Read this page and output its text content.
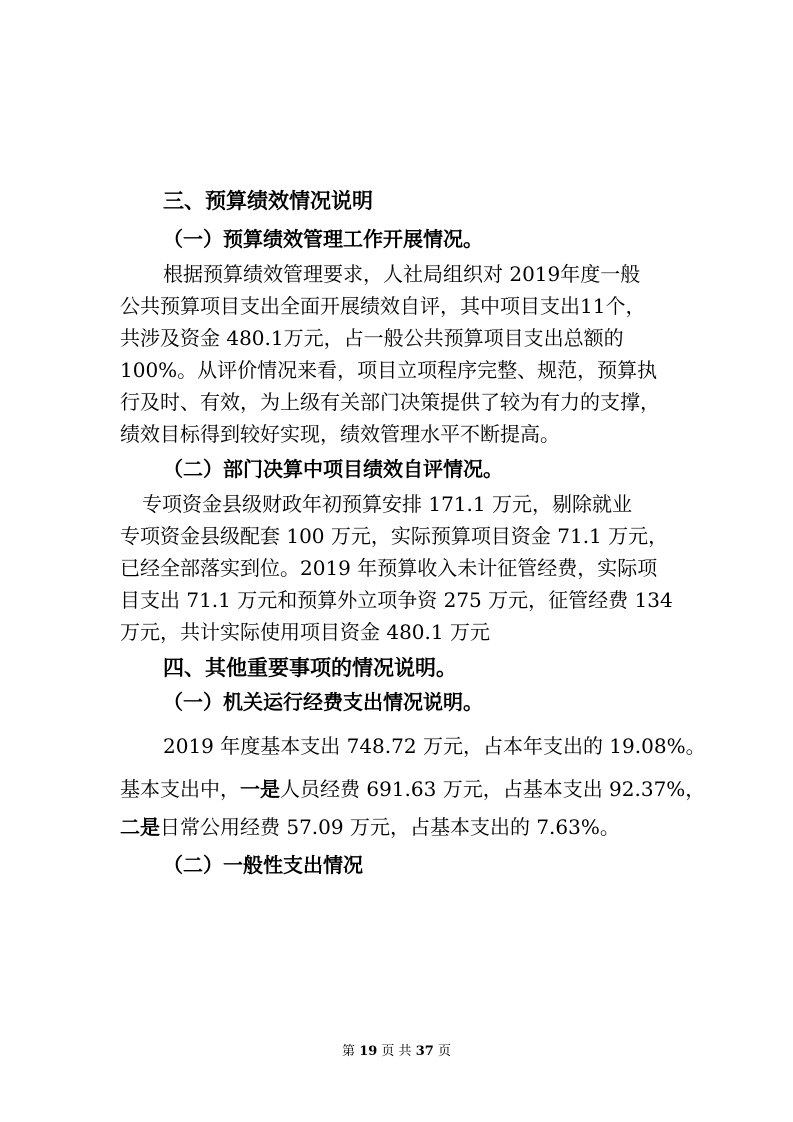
三、预算绩效情况说明
（一）预算绩效管理工作开展情况。
根据预算绩效管理要求，人社局组织对 2019年度一般
公共预算项目支出全面开展绩效自评，其中项目支出11个，
共涉及资金 480.1万元，占一般公共预算项目支出总额的
100%。从评价情况来看，项目立项程序完整、规范，预算执
行及时、有效，为上级有关部门决策提供了较为有力的支撑，
绩效目标得到较好实现，绩效管理水平不断提高。
（二）部门决算中项目绩效自评情况。
专项资金县级财政年初预算安排 171.1 万元，剔除就业
专项资金县级配套 100 万元，实际预算项目资金 71.1 万元，
已经全部落实到位。2019 年预算收入未计征管经费，实际项
目支出 71.1 万元和预算外立项争资 275 万元，征管经费 134
万元，共计实际使用项目资金 480.1 万元
四、其他重要事项的情况说明。
（一）机关运行经费支出情况说明。
2019 年度基本支出 748.72 万元，占本年支出的 19.08%。
基本支出中，一是人员经费 691.63 万元，占基本支出 92.37%，
二是日常公用经费 57.09 万元，占基本支出的 7.63%。
（二）一般性支出情况
第 19 页 共 37 页
